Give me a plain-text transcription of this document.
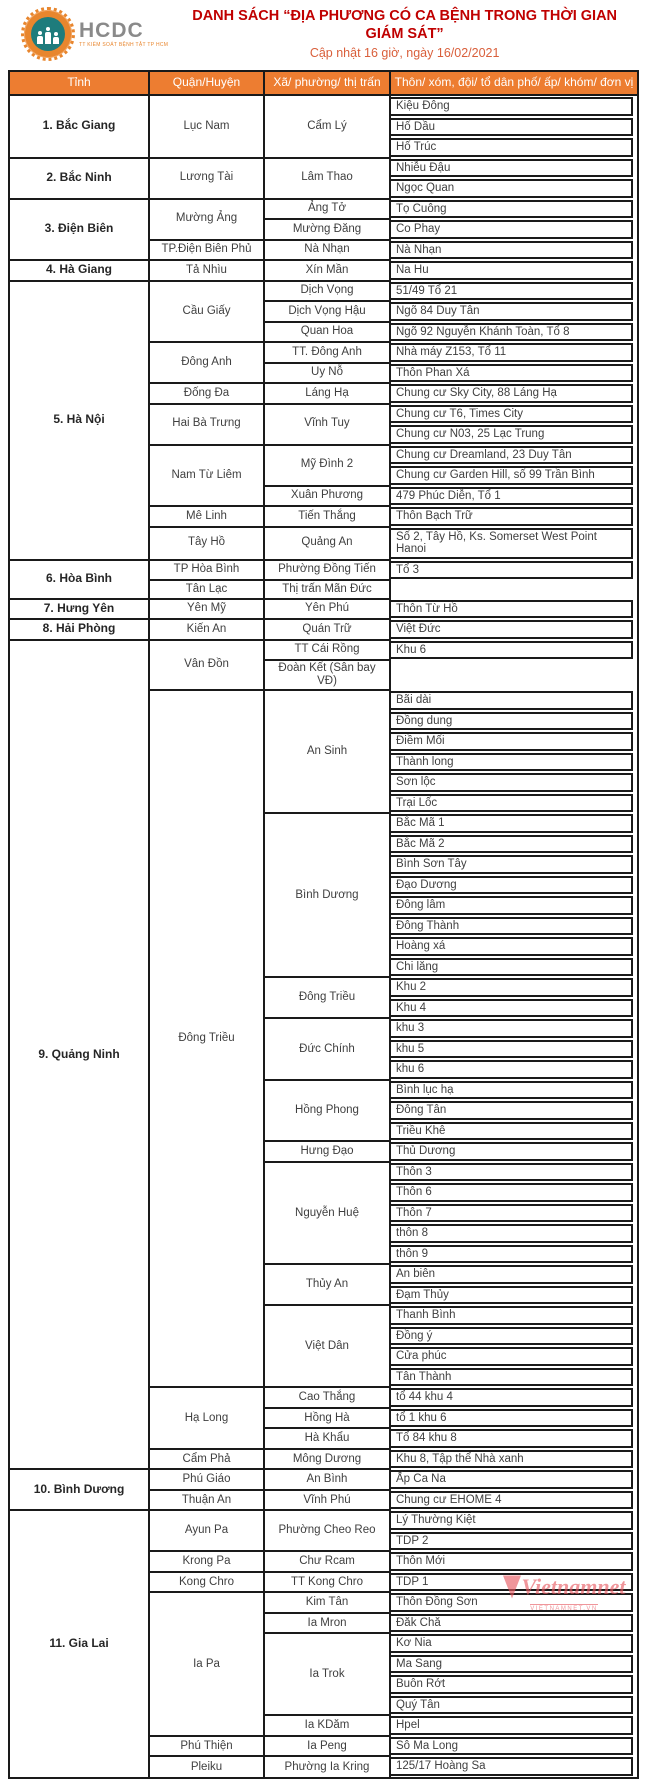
HCDC
TT KIỂM SOÁT BỆNH TẬT TP HCM
DANH SÁCH “ĐỊA PHƯƠNG CÓ CA BỆNH TRONG THỜI GIAN GIÁM SÁT”
Cập nhật 16 giờ, ngày 16/02/2021
Tỉnh	Quận/Huyện	Xã/ phường/ thị trấn	Thôn/ xóm, đội/ tổ dân phố/ ấp/ khóm/ đơn vị
1. Bắc Giang	Lục Nam	Cẩm Lý	Kiệu Đông

			Hố Dầu

			Hố Trúc

2. Bắc Ninh	Lương Tài	Lâm Thao	Nhiễu Đậu

			Ngọc Quan

3. Điện Biên	Mường Ảng	Ảng Tở	Tọ Cuông

		Mường Đăng	Co Phay

	TP.Điện Biên Phủ	Nà Nhạn	Nà Nhạn

4. Hà Giang	Tả Nhìu	Xín Mần	Na Hu

5. Hà Nội	Cầu Giấy	Dịch Vọng	51/49 Tổ 21

		Dịch Vọng Hậu	Ngõ 84 Duy Tân

		Quan Hoa	Ngõ 92 Nguyễn Khánh Toàn, Tổ 8

	Đông Anh	TT. Đông Anh	Nhà máy Z153, Tổ 11

		Uy Nỗ	Thôn Phan Xá

	Đống Đa	Láng Hạ	Chung cư Sky City, 88 Láng Hạ

	Hai Bà Trưng	Vĩnh Tuy	Chung cư T6, Times City

			Chung cư N03, 25 Lạc Trung

	Nam Từ Liêm	Mỹ Đình 2	Chung cư Dreamland, 23 Duy Tân

			Chung cư Garden Hill, số 99 Trần Bình

		Xuân Phương	479 Phúc Diễn, Tổ 1

	Mê Linh	Tiến Thắng	Thôn Bạch Trữ

	Tây Hồ	Quảng An	Số 2, Tây Hồ, Ks. Somerset West Point Hanoi

6. Hòa Bình	TP Hòa Bình	Phường Đồng Tiến	Tổ 3

	Tân Lạc	Thị trấn Mãn Đức	

7. Hưng Yên	Yên Mỹ	Yên Phú	Thôn Từ Hồ

8. Hải Phòng	Kiến An	Quán Trữ	Việt Đức

9. Quảng Ninh	Vân Đồn	TT Cái Rồng	Khu 6

		Đoàn Kết (Sân bay VĐ)	

	Đông Triều	An Sinh	Bãi dài

			Đồng dung

			Điềm Mối

			Thành long

			Sơn lộc

			Trại Lốc

		Bình Dương	Bắc Mã 1

			Bắc Mã 2

			Bình Sơn Tây

			Đạo Dương

			Đông lâm

			Đông Thành

			Hoàng xá

			Chi lăng

		Đông Triều	Khu 2

			Khu 4

		Đức Chính	khu 3

			khu 5

			khu 6

		Hồng Phong	Bình lục hạ

			Đông Tân

			Triều Khê

		Hưng Đạo	Thủ Dương

		Nguyễn Huệ	Thôn 3

			Thôn 6

			Thôn 7

			thôn 8

			thôn 9

		Thủy An	An biên

			Đạm Thủy

		Việt Dân	Thanh Bình

			Đồng ý

			Cửa phúc

			Tân Thành

	Hạ Long	Cao Thắng	tổ 44 khu 4

		Hồng Hà	tổ 1 khu 6

		Hà Khẩu	Tổ 84 khu 8

	Cẩm Phả	Mông Dương	Khu 8, Tập thể Nhà xanh

10. Bình Dương	Phú Giáo	An Bình	Ấp Ca Na

	Thuận An	Vĩnh Phú	Chung cư EHOME 4

11. Gia Lai	Ayun Pa	Phường Cheo Reo	Lý Thường Kiệt

			TDP 2

	Krong Pa	Chư Rcam	Thôn Mới

	Kong Chro	TT Kong Chro	TDP 1

	Ia Pa	Kim Tân	Thôn Đồng Sơn

		Ia Mron	Đăk Chă

		Ia Trok	Kơ Nia

			Ma Sang

			Buôn Rớt

			Quý Tân

		Ia KDăm	Hpel

	Phú Thiện	Ia Peng	Sô Ma Long

	Pleiku	Phường Ia Kring	125/17 Hoàng Sa
Vietnamnet
VIETNAMNET.VN
